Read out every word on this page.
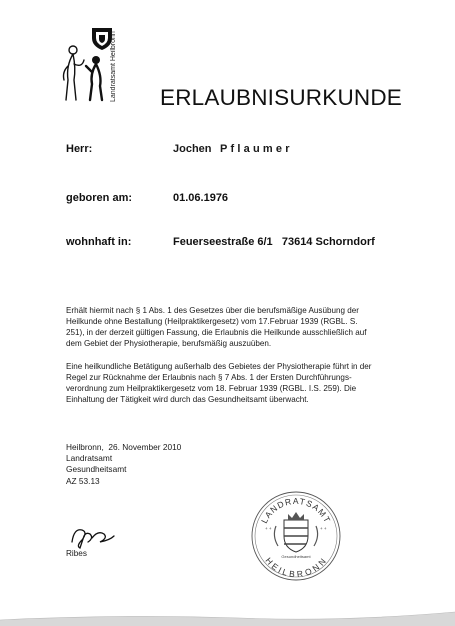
Landratsamt Heilbronn ERLAUBNISURKUNDE
Herr:	Jochen Pflaumer
geboren am:	01.06.1976
wohnhaft in:	Feuerseestraße 6/1   73614 Schorndorf
Erhält hiermit nach § 1 Abs. 1 des Gesetzes über die berufsmäßige Ausübung der
Heilkunde ohne Bestallung (Heilpraktikergesetz) vom 17.Februar 1939 (RGBL. S.
251), in der derzeit gültigen Fassung, die Erlaubnis die Heilkunde ausschließlich auf
dem Gebiet der Physiotherapie, berufsmäßig auszuüben.
Eine heilkundliche Betätigung außerhalb des Gebietes der Physiotherapie führt in der
Regel zur Rücknahme der Erlaubnis nach § 7 Abs. 1 der Ersten Durchführungs-
verordnung zum Heilpraktikergesetz vom 18. Februar 1939 (RGBL. I.S. 259). Die
Einhaltung der Tätigkeit wird durch das Gesundheitsamt überwacht.
Heilbronn,  26. November 2010
Landratsamt
Gesundheitsamt
AZ 53.13
Ribes
LANDRATSAMT
HEILBRONN
Gesundheitsamt
+ +	+ +
